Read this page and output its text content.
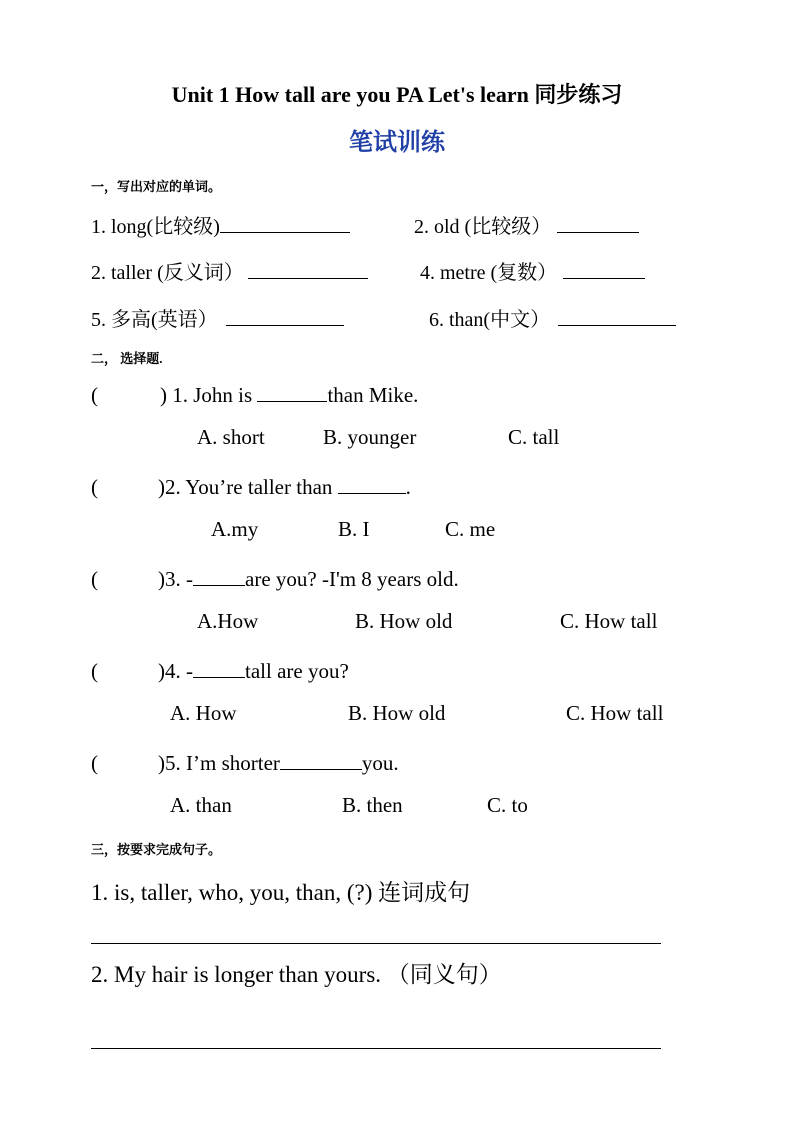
Unit 1 How tall are you PA Let's learn 同步练习
笔试训练
一，写出对应的单词。
1. long(比较级)	2. old (比较级）
2. taller (反义词）	4. metre (复数）
5. 多高(英语）	6. than(中文）
二， 选择题.
(	) 1. John is	than Mike.
A. short	B. younger	C. tall
(	)2. You’re taller than	.
A.my	B. I	C. me
(	)3. - are you? -I'm 8 years old.
A.How	B. How old	C. How tall
(	)4. - tall are you?
A. How	B. How old	C. How tall
(	)5. I’m shorter	you.
A. than	B. then	C. to
三，按要求完成句子。
1. is, taller, who, you, than, (?) 连词成句
2. My hair is longer than yours. （同义句）
